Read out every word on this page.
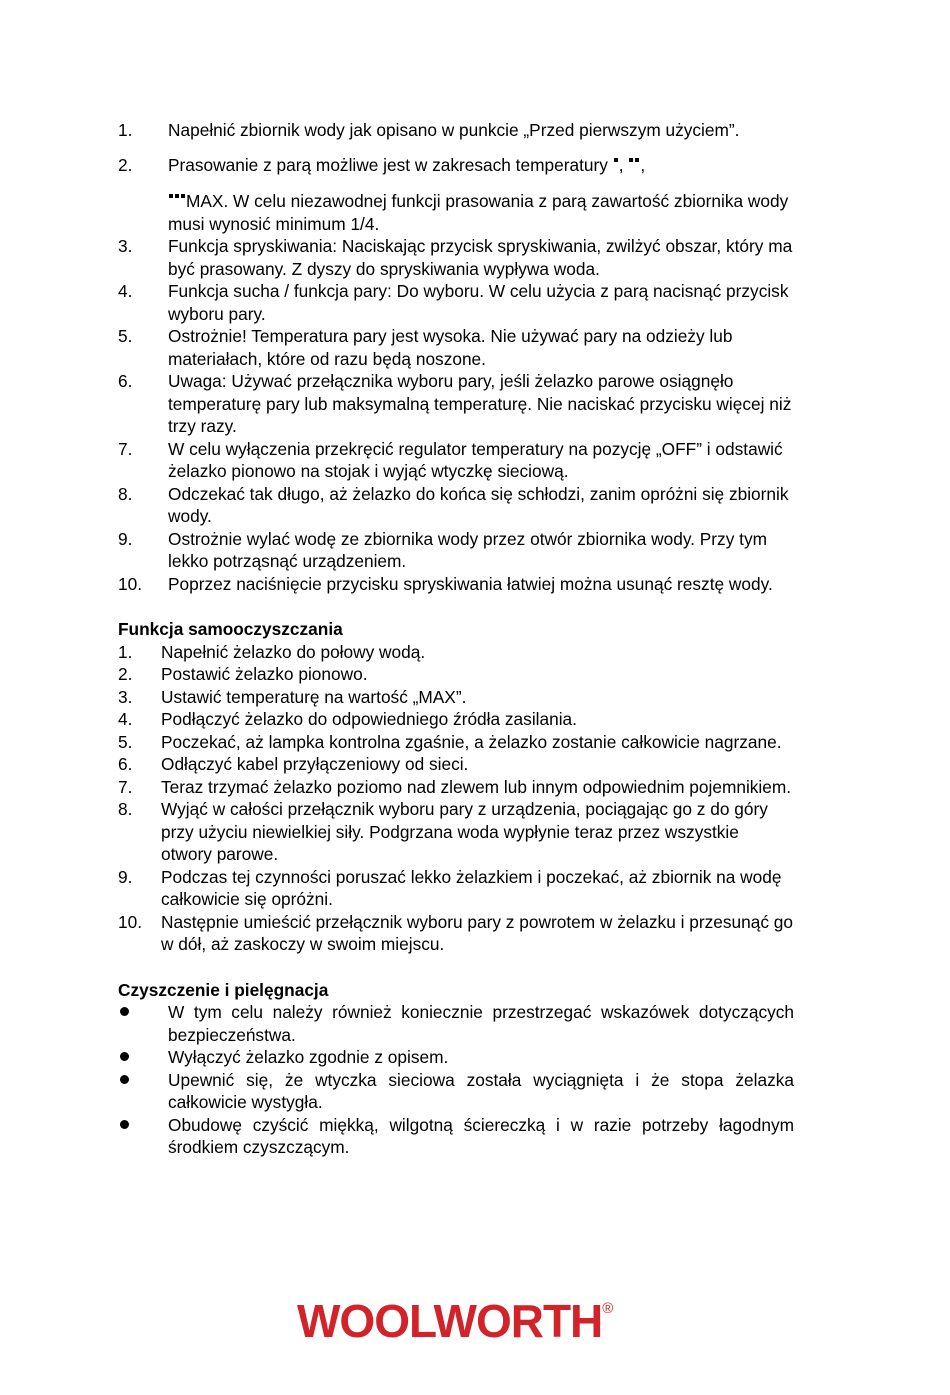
1. Napełnić zbiornik wody jak opisano w punkcie „Przed pierwszym użyciem”.
2. Prasowanie z parą możliwe jest w zakresach temperatury , ,
MAX. W celu niezawodnej funkcji prasowania z parą zawartość zbiornika wody musi wynosić minimum 1/4.
3. Funkcja spryskiwania: Naciskając przycisk spryskiwania, zwilżyć obszar, który ma być prasowany. Z dyszy do spryskiwania wypływa woda.
4. Funkcja sucha / funkcja pary: Do wyboru. W celu użycia z parą nacisnąć przycisk wyboru pary.
5. Ostrożnie! Temperatura pary jest wysoka. Nie używać pary na odzieży lub materiałach, które od razu będą noszone.
6. Uwaga: Używać przełącznika wyboru pary, jeśli żelazko parowe osiągnęło temperaturę pary lub maksymalną temperaturę. Nie naciskać przycisku więcej niż trzy razy.
7. W celu wyłączenia przekręcić regulator temperatury na pozycję „OFF” i odstawić żelazko pionowo na stojak i wyjąć wtyczkę sieciową.
8. Odczekać tak długo, aż żelazko do końca się schłodzi, zanim opróżni się zbiornik wody.
9. Ostrożnie wylać wodę ze zbiornika wody przez otwór zbiornika wody. Przy tym lekko potrząsnąć urządzeniem.
10. Poprzez naciśnięcie przycisku spryskiwania łatwiej można usunąć resztę wody.
Funkcja samooczyszczania
1. Napełnić żelazko do połowy wodą.
2. Postawić żelazko pionowo.
3. Ustawić temperaturę na wartość „MAX”.
4. Podłączyć żelazko do odpowiedniego źródła zasilania.
5. Poczekać, aż lampka kontrolna zgaśnie, a żelazko zostanie całkowicie nagrzane.
6. Odłączyć kabel przyłączeniowy od sieci.
7. Teraz trzymać żelazko poziomo nad zlewem lub innym odpowiednim pojemnikiem.
8. Wyjąć w całości przełącznik wyboru pary z urządzenia, pociągając go z do góry przy użyciu niewielkiej siły. Podgrzana woda wypłynie teraz przez wszystkie otwory parowe.
9. Podczas tej czynności poruszać lekko żelazkiem i poczekać, aż zbiornik na wodę całkowicie się opróżni.
10. Następnie umieścić przełącznik wyboru pary z powrotem w żelazku i przesunąć go w dół, aż zaskoczy w swoim miejscu.
Czyszczenie i pielęgnacja
W tym celu należy również koniecznie przestrzegać wskazówek dotyczących bezpieczeństwa.
Wyłączyć żelazko zgodnie z opisem.
Upewnić się, że wtyczka sieciowa została wyciągnięta i że stopa żelazka całkowicie wystygła.
Obudowę czyścić miękką, wilgotną ściereczką i w razie potrzeby łagodnym środkiem czyszczącym.
WOOLWORTH®
